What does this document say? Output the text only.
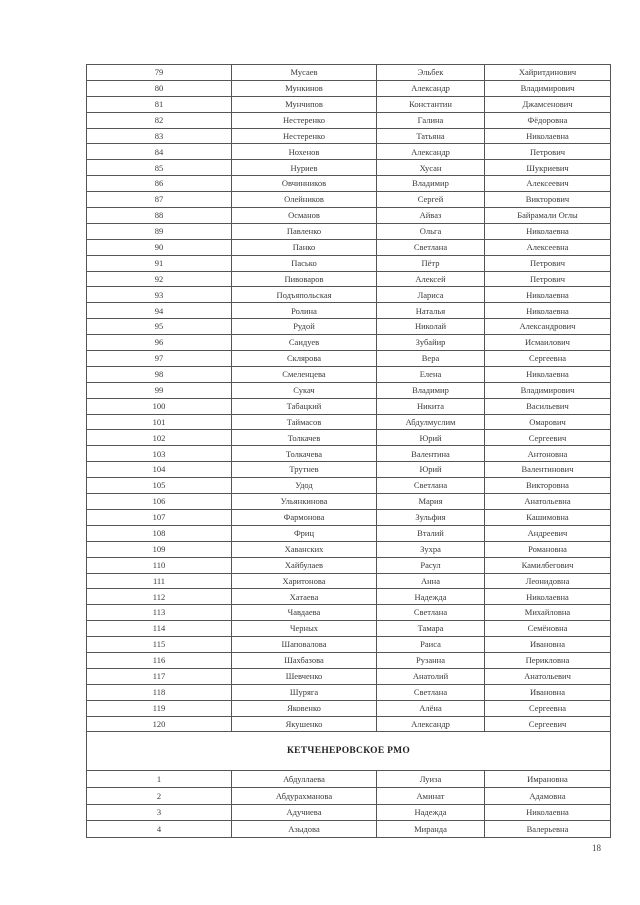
79	Мусаев	Эльбек	Хайритдинович
80	Мункинов	Александр	Владимирович
81	Мунчипов	Константин	Джамсенович
82	Нестеренко	Галина	Фёдоровна
83	Нестеренко	Татьяна	Николаевна
84	Нохенов	Александр	Петрович
85	Нуриев	Хусан	Шукриевич
86	Овчинников	Владимир	Алексеевич
87	Олейников	Сергей	Викторович
88	Османов	Айваз	Байрамали Оглы
89	Павленко	Ольга	Николаевна
90	Панко	Светлана	Алексеевна
91	Пасько	Пётр	Петрович
92	Пивоваров	Алексей	Петрович
93	Подъяпольская	Лариса	Николаевна
94	Ролина	Наталья	Николаевна
95	Рудой	Николай	Александрович
96	Саидуев	Зубайир	Исмаилович
97	Склярова	Вера	Сергеевна
98	Смеленцева	Елена	Николаевна
99	Сукач	Владимир	Владимирович
100	Табацкий	Никита	Васильевич
101	Таймасов	Абдулмуслим	Омарович
102	Толкачев	Юрий	Сергеевич
103	Толкачева	Валентина	Антоновна
104	Трутнев	Юрий	Валентинович
105	Удод	Светлана	Викторовна
106	Ульянкинова	Мария	Анатольевна
107	Фармонова	Зульфия	Кашимовна
108	Фриц	Вталий	Андреевич
109	Хаванских	Зухра	Романовна
110	Хайбулаев	Расул	Камилбегович
111	Харитонова	Анна	Леонидовна
112	Хатаева	Надежда	Николаевна
113	Чавдаева	Светлана	Михайловна
114	Черных	Тамара	Семёновна
115	Шаповалова	Раиса	Ивановна
116	Шахбазова	Рузанна	Перикловна
117	Шевченко	Анатолий	Анатольевич
118	Шуряга	Светлана	Ивановна
119	Яковенко	Алёна	Сергеевна
120	Якушенко	Александр	Сергеевич
КЕТЧЕНЕРОВСКОЕ РМО			
1	Абдуллаева	Луиза	Имрановна
2	Абдурахманова	Аминат	Адамовна
3	Адучиева	Надежда	Николаевна
4	Азыдова	Миранда	Валерьевна
18
